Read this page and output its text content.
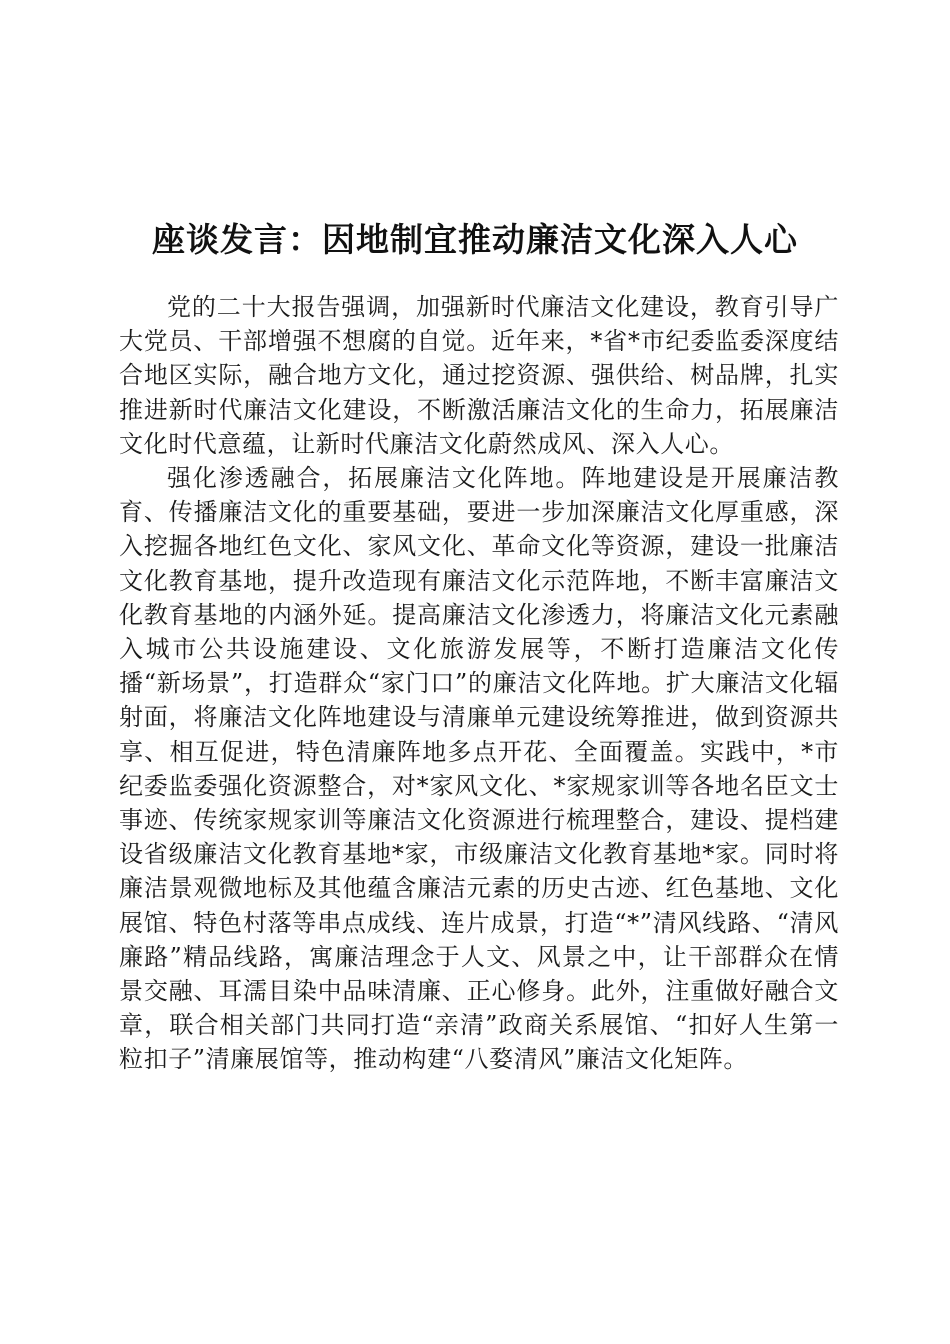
座谈发言：因地制宜推动廉洁文化深入人心

党的二十大报告强调，加强新时代廉洁文化建设，教育引导广大党员、干部增强不想腐的自觉。近年来，*省*市纪委监委深度结合地区实际，融合地方文化，通过挖资源、强供给、树品牌，扎实推进新时代廉洁文化建设，不断激活廉洁文化的生命力，拓展廉洁文化时代意蕴，让新时代廉洁文化蔚然成风、深入人心。

强化渗透融合，拓展廉洁文化阵地。阵地建设是开展廉洁教育、传播廉洁文化的重要基础，要进一步加深廉洁文化厚重感，深入挖掘各地红色文化、家风文化、革命文化等资源，建设一批廉洁文化教育基地，提升改造现有廉洁文化示范阵地，不断丰富廉洁文化教育基地的内涵外延。提高廉洁文化渗透力，将廉洁文化元素融入城市公共设施建设、文化旅游发展等，不断打造廉洁文化传播“新场景”，打造群众“家门口”的廉洁文化阵地。扩大廉洁文化辐射面，将廉洁文化阵地建设与清廉单元建设统筹推进，做到资源共享、相互促进，特色清廉阵地多点开花、全面覆盖。实践中，*市纪委监委强化资源整合，对*家风文化、*家规家训等各地名臣文士事迹、传统家规家训等廉洁文化资源进行梳理整合，建设、提档建设省级廉洁文化教育基地*家，市级廉洁文化教育基地*家。同时将廉洁景观微地标及其他蕴含廉洁元素的历史古迹、红色基地、文化展馆、特色村落等串点成线、连片成景，打造“*”清风线路、“清风廉路”精品线路，寓廉洁理念于人文、风景之中，让干部群众在情景交融、耳濡目染中品味清廉、正心修身。此外，注重做好融合文章，联合相关部门共同打造“亲清”政商关系展馆、“扣好人生第一粒扣子”清廉展馆等，推动构建“八婺清风”廉洁文化矩阵。
